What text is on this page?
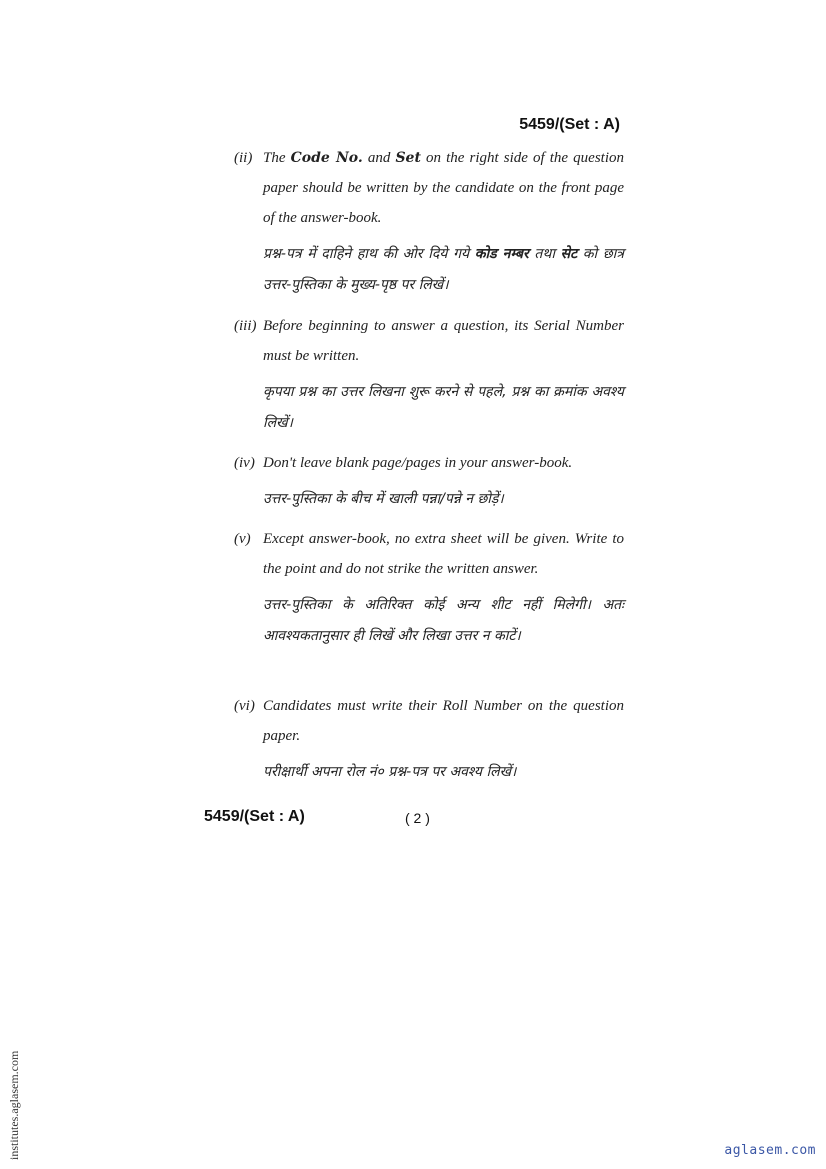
5459/(Set : A)
(ii) The Code No. and Set on the right side of the question paper should be written by the candidate on the front page of the answer-book.
प्रश्न-पत्र में दाहिने हाथ की ओर दिये गये कोड नम्बर तथा सेट को छात्र उत्तर-पुस्तिका के मुख्य-पृष्ठ पर लिखें।
(iii) Before beginning to answer a question, its Serial Number must be written.
कृपया प्रश्न का उत्तर लिखना शुरू करने से पहले, प्रश्न का क्रमांक अवश्य लिखें।
(iv) Don't leave blank page/pages in your answer-book.
उत्तर-पुस्तिका के बीच में खाली पन्ना/पन्ने न छोड़ें।
(v) Except answer-book, no extra sheet will be given. Write to the point and do not strike the written answer.
उत्तर-पुस्तिका के अतिरिक्त कोई अन्य शीट नहीं मिलेगी। अतः आवश्यकतानुसार ही लिखें और लिखा उत्तर न काटें।
(vi) Candidates must write their Roll Number on the question paper.
परीक्षार्थी अपना रोल नं० प्रश्न-पत्र पर अवश्य लिखें।
5459/(Set : A)	( 2 )
institutes.aglasem.com	aglasem.com
